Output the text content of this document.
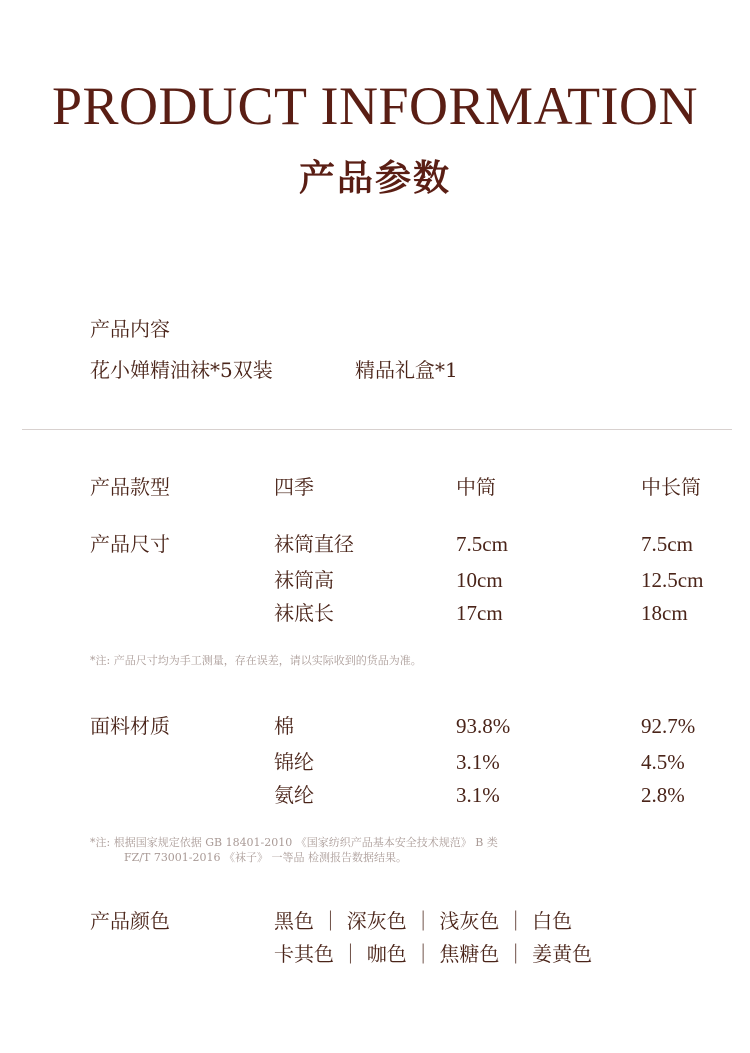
PRODUCT INFORMATION
产品参数
产品内容
花小婵精油袜*5双装	精品礼盒*1
产品款型	四季	中筒	中长筒
产品尺寸	袜筒直径	7.5cm	7.5cm
袜筒高	10cm	12.5cm
袜底长	17cm	18cm
*注: 产品尺寸均为手工测量，存在误差，请以实际收到的货品为准。
面料材质	棉	93.8%	92.7%
锦纶	3.1%	4.5%
氨纶	3.1%	2.8%
*注: 根据国家规定依据 GB 18401-2010 《国家纺织产品基本安全技术规范》 B 类
FZ/T 73001-2016 《袜子》 一等品 检测报告数据结果。
产品颜色	黑色 ｜ 深灰色 ｜ 浅灰色 ｜ 白色
卡其色 ｜ 咖色 ｜ 焦糖色 ｜ 姜黄色
